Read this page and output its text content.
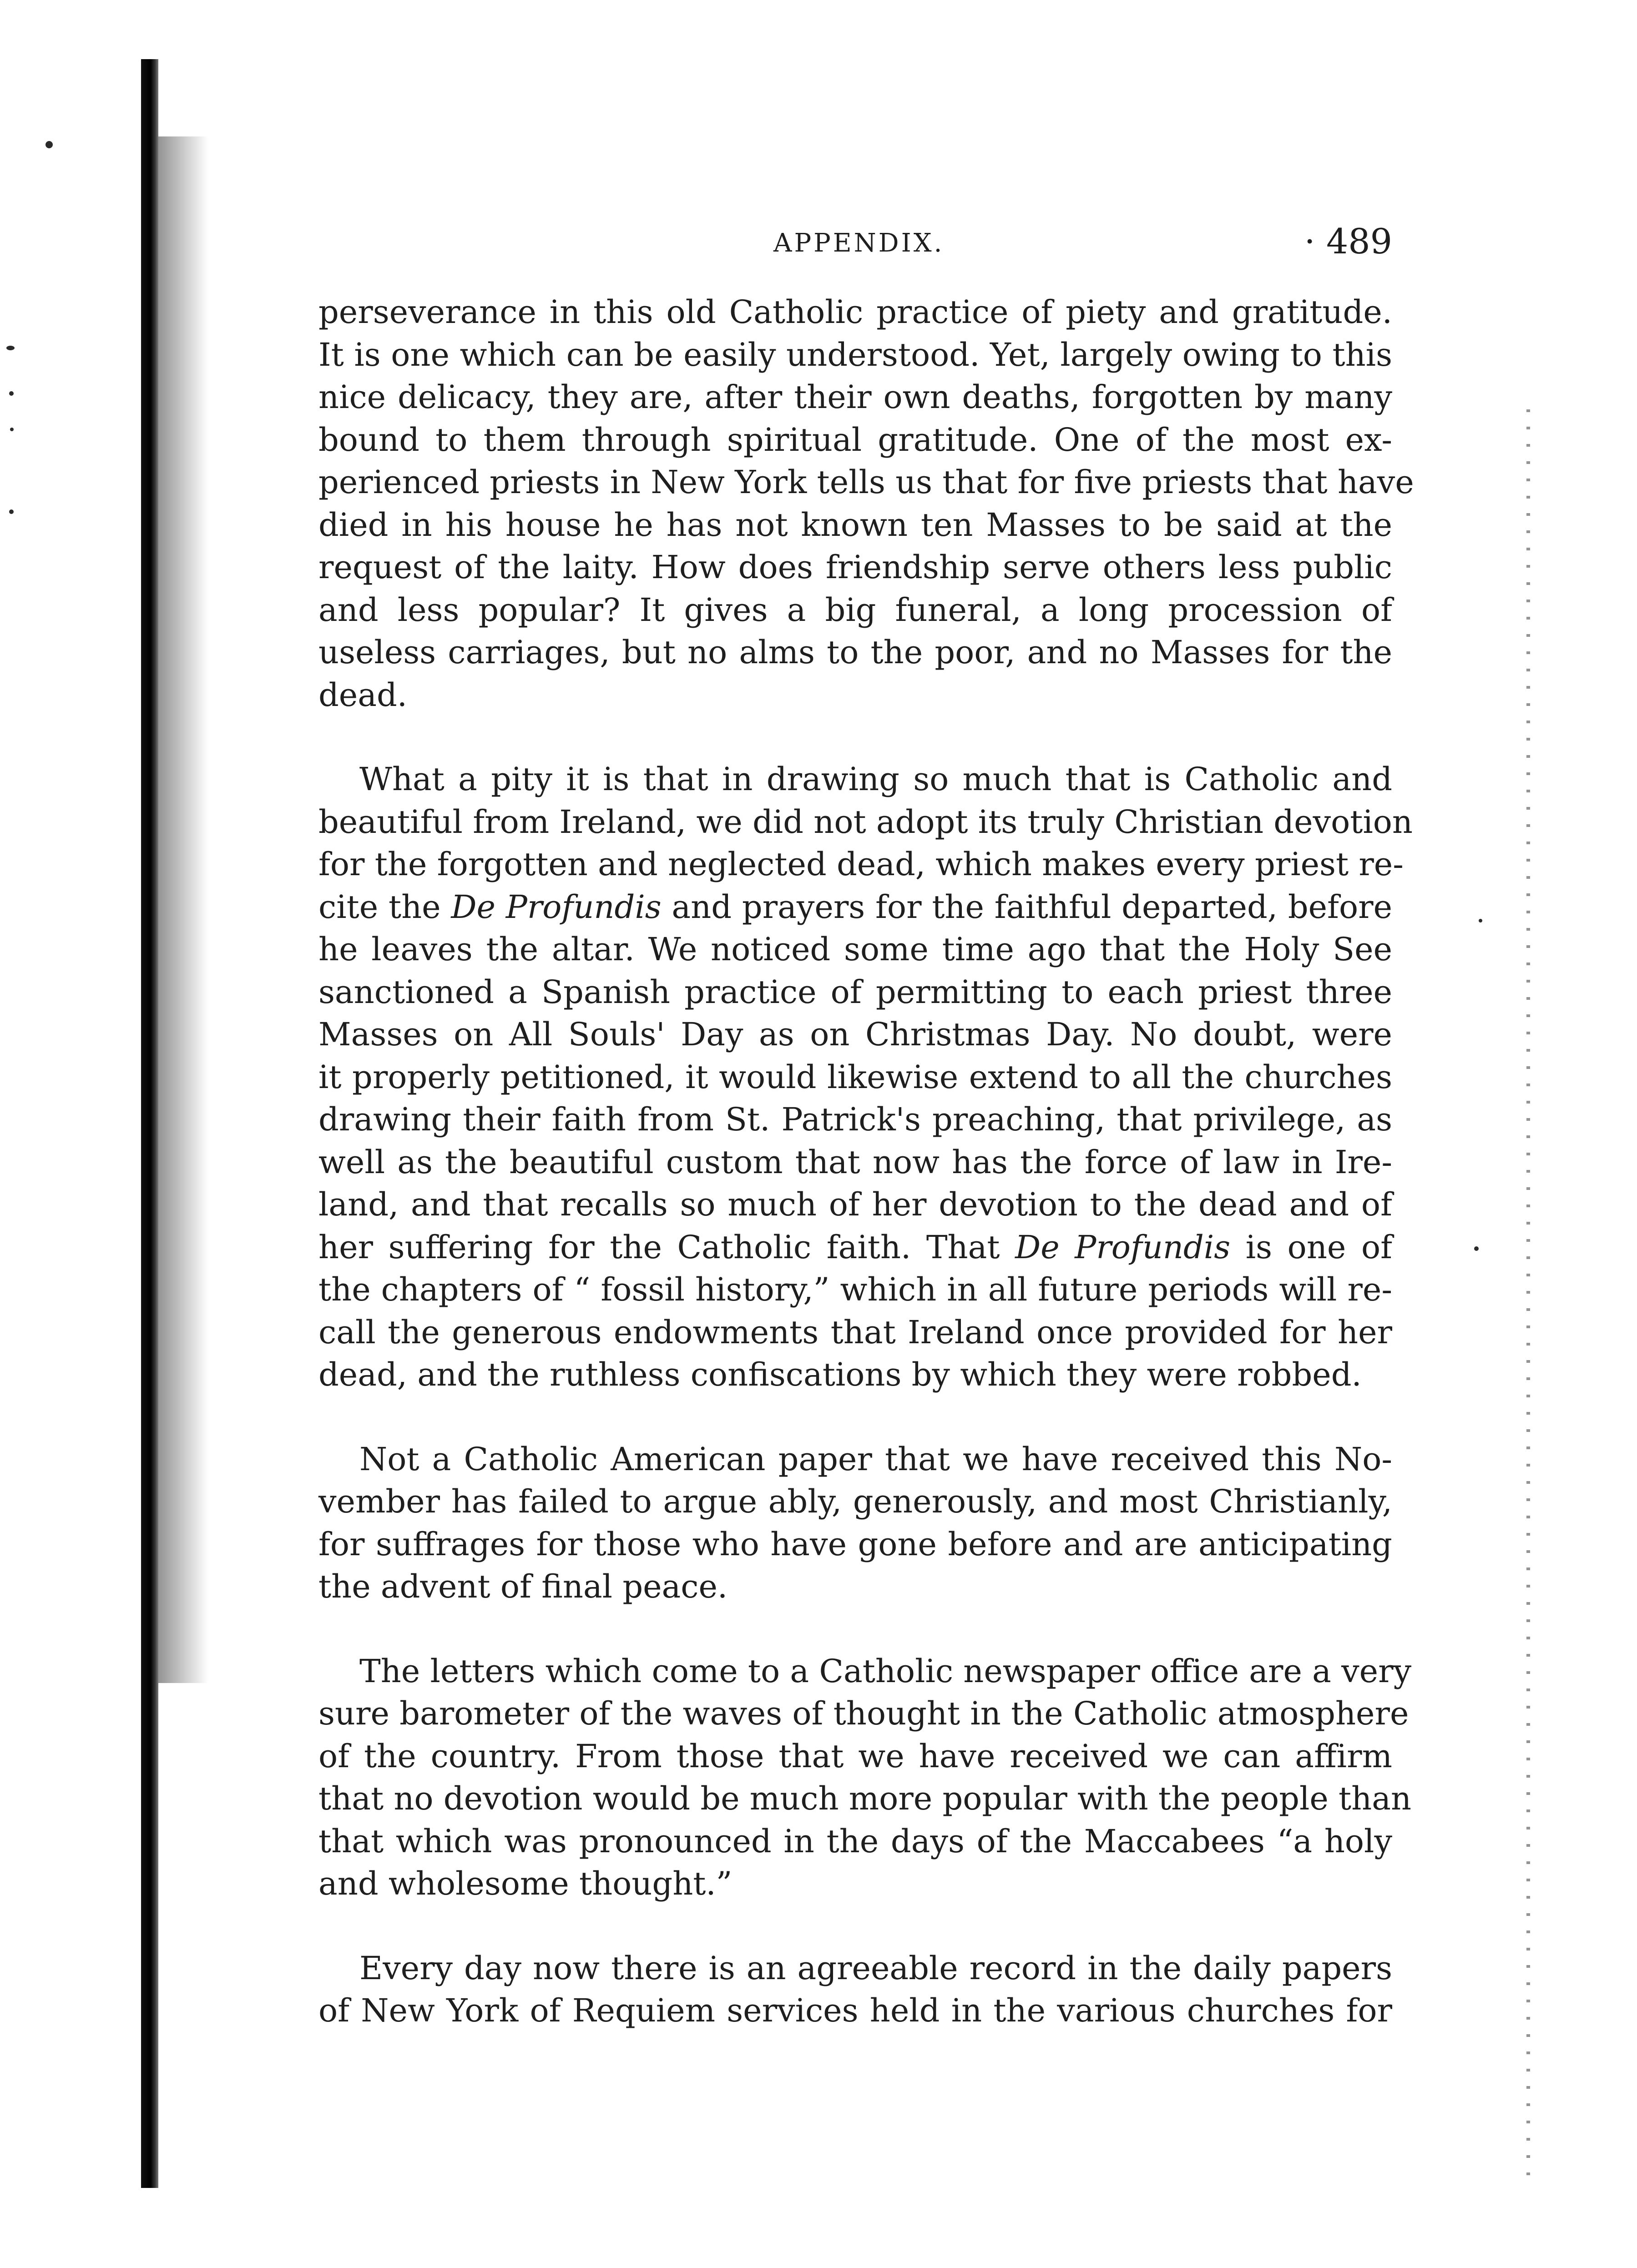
APPENDIX.	· 489
perseverance in this old Catholic practice of piety and gratitude.
It is one which can be easily understood. Yet, largely owing to this
nice delicacy, they are, after their own deaths, forgotten by many
bound to them through spiritual gratitude. One of the most ex-
perienced priests in New York tells us that for five priests that have
died in his house he has not known ten Masses to be said at the
request of the laity. How does friendship serve others less public
and less popular? It gives a big funeral, a long procession of
useless carriages, but no alms to the poor, and no Masses for the
dead.
What a pity it is that in drawing so much that is Catholic and
beautiful from Ireland, we did not adopt its truly Christian devotion
for the forgotten and neglected dead, which makes every priest re-
cite the De Profundis and prayers for the faithful departed, before
he leaves the altar. We noticed some time ago that the Holy See
sanctioned a Spanish practice of permitting to each priest three
Masses on All Souls' Day as on Christmas Day. No doubt, were
it properly petitioned, it would likewise extend to all the churches
drawing their faith from St. Patrick's preaching, that privilege, as
well as the beautiful custom that now has the force of law in Ire-
land, and that recalls so much of her devotion to the dead and of
her suffering for the Catholic faith. That De Profundis is one of
the chapters of “ fossil history,” which in all future periods will re-
call the generous endowments that Ireland once provided for her
dead, and the ruthless confiscations by which they were robbed.
Not a Catholic American paper that we have received this No-
vember has failed to argue ably, generously, and most Christianly,
for suffrages for those who have gone before and are anticipating
the advent of final peace.
The letters which come to a Catholic newspaper office are a very
sure barometer of the waves of thought in the Catholic atmosphere
of the country. From those that we have received we can affirm
that no devotion would be much more popular with the people than
that which was pronounced in the days of the Maccabees “a holy
and wholesome thought.”
Every day now there is an agreeable record in the daily papers
of New York of Requiem services held in the various churches for
